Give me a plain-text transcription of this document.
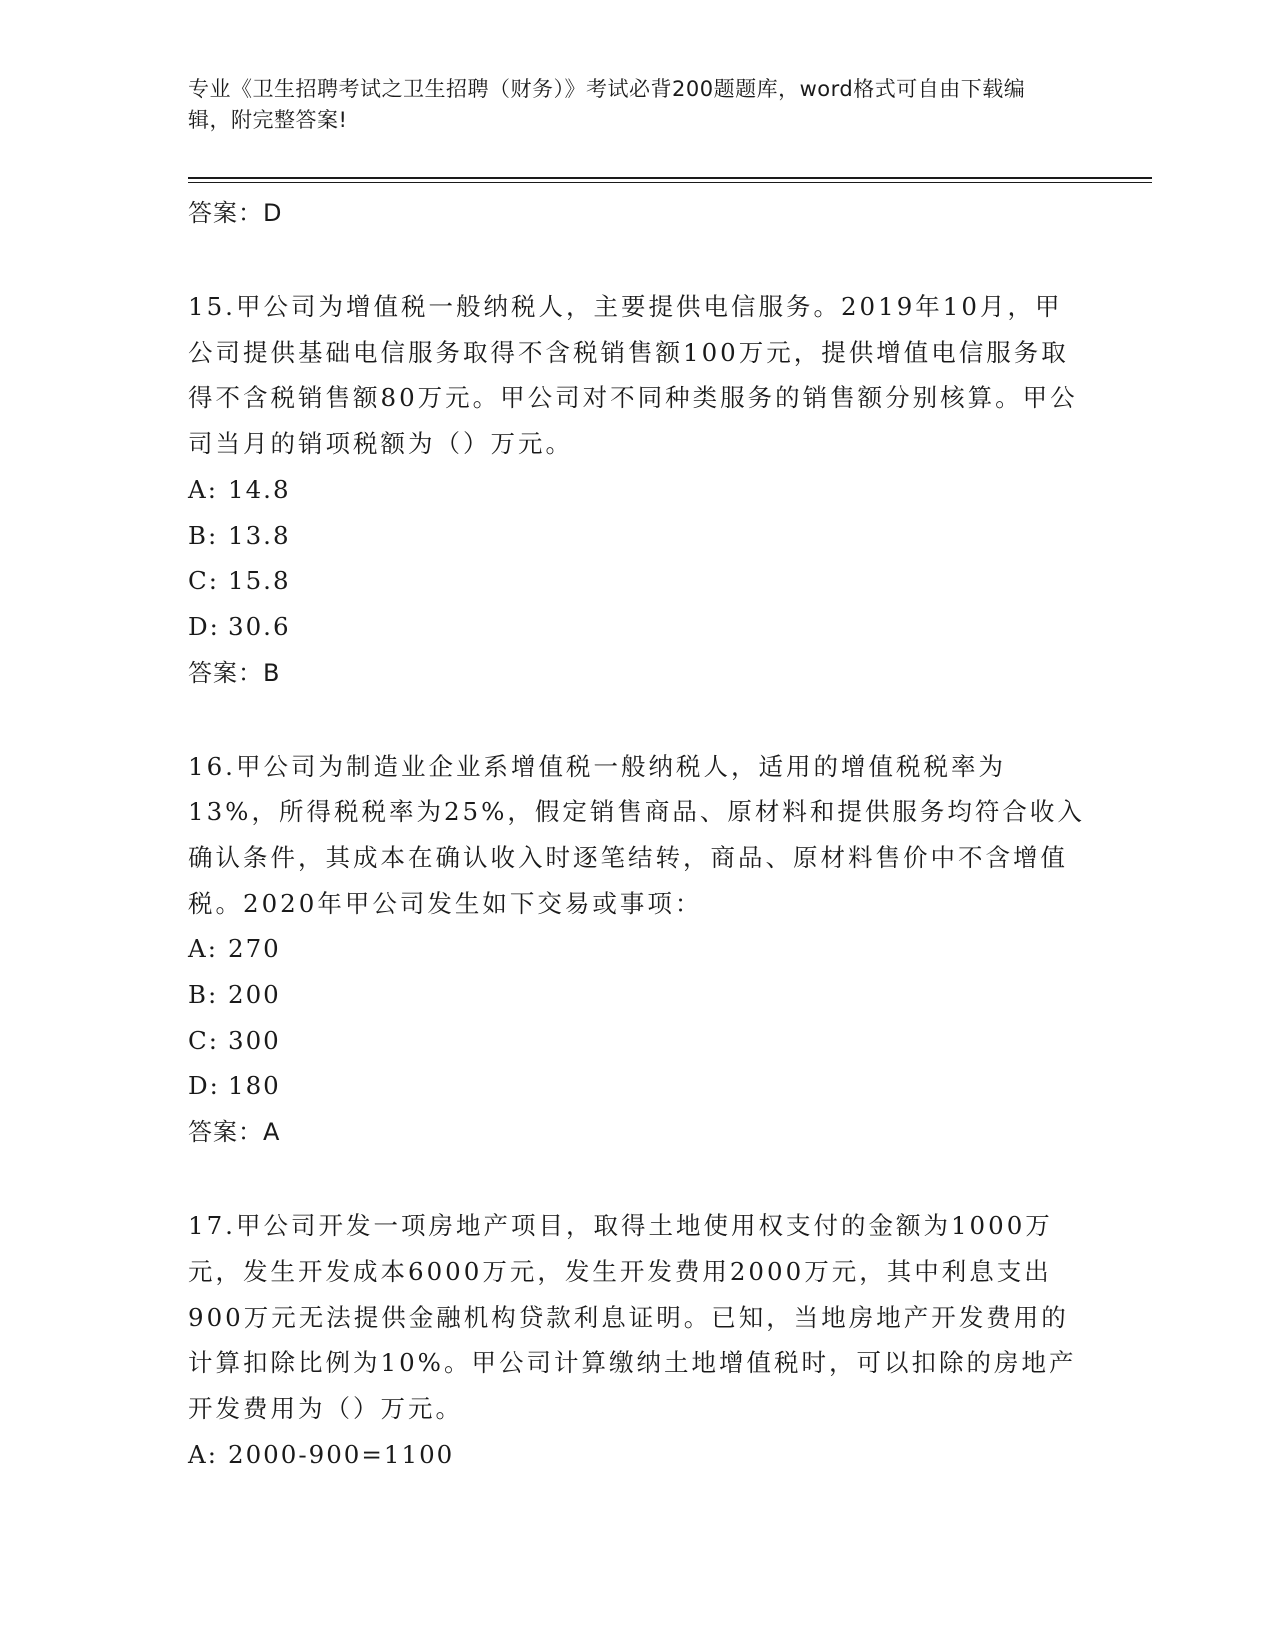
专业《卫生招聘考试之卫生招聘（财务）》考试必背200题题库，word格式可自由下载编辑，附完整答案!
答案：D
15.甲公司为增值税一般纳税人，主要提供电信服务。2019年10月，甲公司提供基础电信服务取得不含税销售额100万元，提供增值电信服务取得不含税销售额80万元。甲公司对不同种类服务的销售额分别核算。甲公司当月的销项税额为（）万元。
A: 14.8
B: 13.8
C: 15.8
D: 30.6
答案：B
16.甲公司为制造业企业系增值税一般纳税人，适用的增值税税率为13%，所得税税率为25%，假定销售商品、原材料和提供服务均符合收入确认条件，其成本在确认收入时逐笔结转，商品、原材料售价中不含增值税。2020年甲公司发生如下交易或事项：
A: 270
B: 200
C: 300
D: 180
答案：A
17.甲公司开发一项房地产项目，取得土地使用权支付的金额为1000万元，发生开发成本6000万元，发生开发费用2000万元，其中利息支出900万元无法提供金融机构贷款利息证明。已知，当地房地产开发费用的计算扣除比例为10%。甲公司计算缴纳土地增值税时，可以扣除的房地产开发费用为（）万元。
A: 2000-900=1100
